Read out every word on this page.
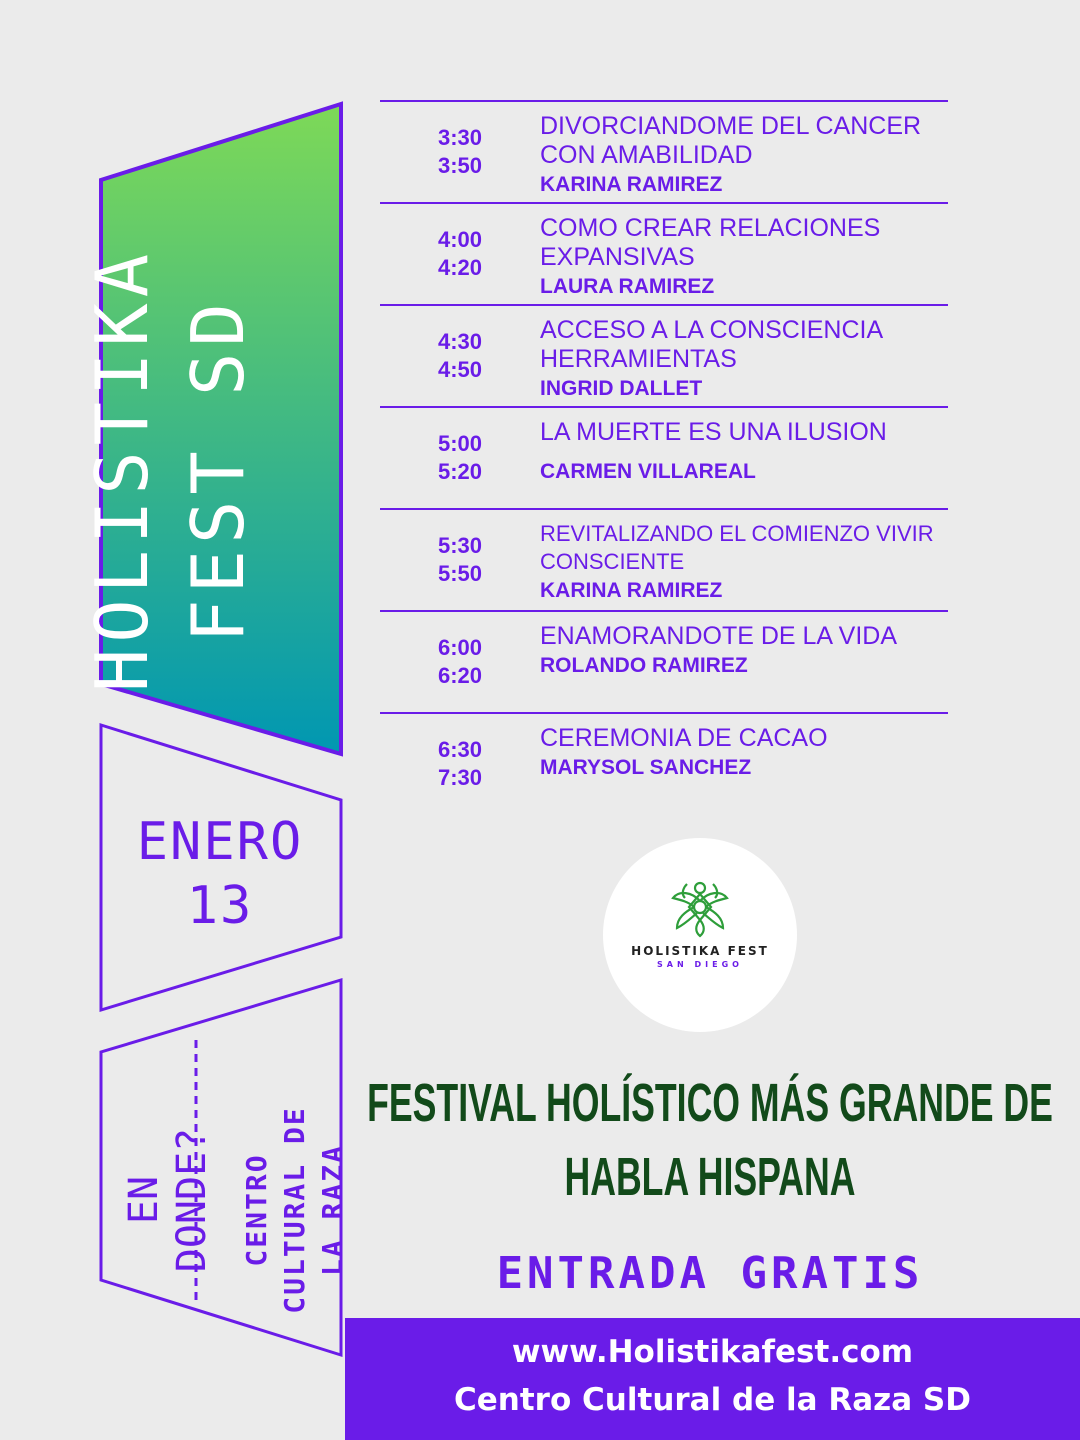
HOLISTIKA FEST SD
ENERO
13
EN DONDE? CENTRO CULTURAL DE LA RAZA
3:30
3:50
DIVORCIANDOME DEL CANCER CON AMABILIDAD
KARINA RAMIREZ
4:00
4:20
COMO CREAR RELACIONES EXPANSIVAS
LAURA RAMIREZ
4:30
4:50
ACCESO A LA CONSCIENCIA HERRAMIENTAS
INGRID DALLET
5:00
5:20
LA MUERTE ES UNA ILUSION
CARMEN VILLAREAL
5:30
5:50
REVITALIZANDO EL COMIENZO VIVIR CONSCIENTE
KARINA RAMIREZ
6:00
6:20
ENAMORANDOTE DE LA VIDA
ROLANDO RAMIREZ
6:30
7:30
CEREMONIA DE CACAO
MARYSOL SANCHEZ
HOLISTIKA FEST
SAN DIEGO
FESTIVAL HOLÍSTICO MÁS GRANDE DE
HABLA HISPANA
ENTRADA GRATIS
www.Holistikafest.com
Centro Cultural de la Raza SD
